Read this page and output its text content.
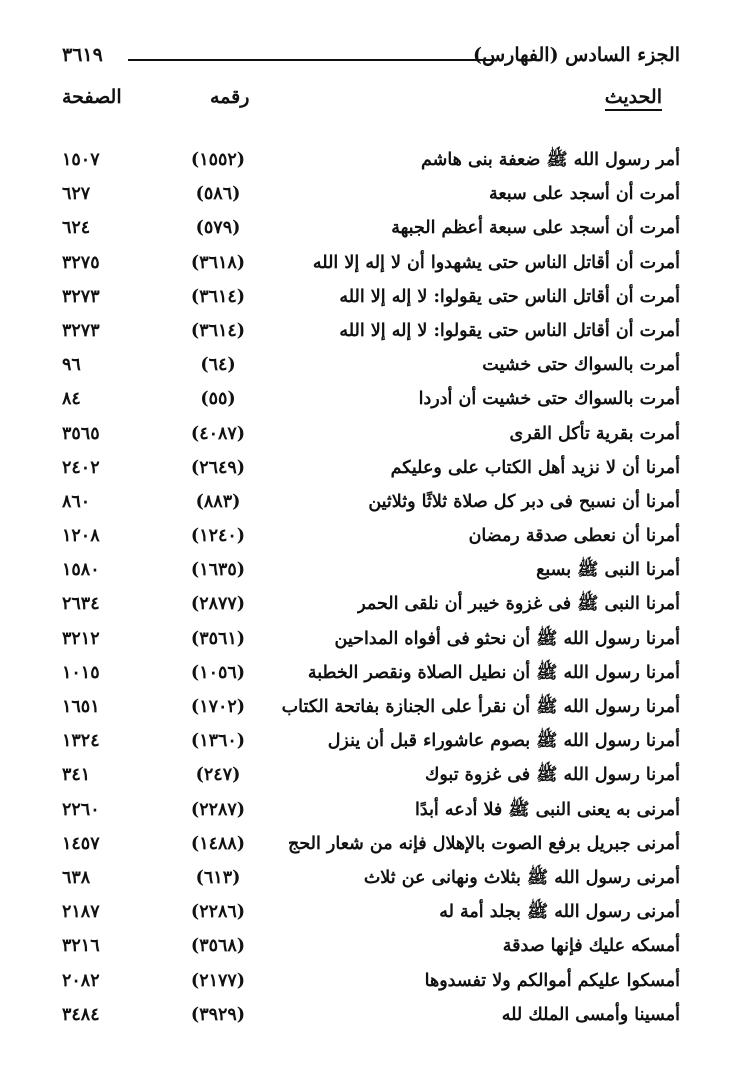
الجزء السادس (الفهارس)
٣٦١٩
الحديث
رقمه
الصفحة
أمر رسول الله ﷺ ضعفة بنى هاشم
(١٥٥٢)
١٥٠٧
أمرت أن أسجد على سبعة
(٥٨٦)
٦٢٧
أمرت أن أسجد على سبعة أعظم الجبهة
(٥٧٩)
٦٢٤
أمرت أن أقاتل الناس حتى يشهدوا أن لا إله إلا الله
(٣٦١٨)
٣٢٧٥
أمرت أن أقاتل الناس حتى يقولوا: لا إله إلا الله
(٣٦١٤)
٣٢٧٣
أمرت أن أقاتل الناس حتى يقولوا: لا إله إلا الله
(٣٦١٤)
٣٢٧٣
أمرت بالسواك حتى خشيت
(٦٤)
٩٦
أمرت بالسواك حتى خشيت أن أدردا
(٥٥)
٨٤
أمرت بقرية تأكل القرى
(٤٠٨٧)
٣٥٦٥
أمرنا أن لا نزيد أهل الكتاب على وعليكم
(٢٦٤٩)
٢٤٠٢
أمرنا أن نسبح فى دبر كل صلاة ثلاثًا وثلاثين
(٨٨٣)
٨٦٠
أمرنا أن نعطى صدقة رمضان
(١٢٤٠)
١٢٠٨
أمرنا النبى ﷺ بسبع
(١٦٣٥)
١٥٨٠
أمرنا النبى ﷺ فى غزوة خيبر أن نلقى الحمر
(٢٨٧٧)
٢٦٣٤
أمرنا رسول الله ﷺ أن نحثو فى أفواه المداحين
(٣٥٦١)
٣٢١٢
أمرنا رسول الله ﷺ أن نطيل الصلاة ونقصر الخطبة
(١٠٥٦)
١٠١٥
أمرنا رسول الله ﷺ أن نقرأ على الجنازة بفاتحة الكتاب
(١٧٠٢)
١٦٥١
أمرنا رسول الله ﷺ بصوم عاشوراء قبل أن ينزل
(١٣٦٠)
١٣٢٤
أمرنا رسول الله ﷺ فى غزوة تبوك
(٢٤٧)
٣٤١
أمرنى به يعنى النبى ﷺ فلا أدعه أبدًا
(٢٢٨٧)
٢٢٦٠
أمرنى جبريل برفع الصوت بالإهلال فإنه من شعار الحج
(١٤٨٨)
١٤٥٧
أمرنى رسول الله ﷺ بثلاث ونهانى عن ثلاث
(٦١٣)
٦٣٨
أمرنى رسول الله ﷺ بجلد أمة له
(٢٢٨٦)
٢١٨٧
أمسكه عليك فإنها صدقة
(٣٥٦٨)
٣٢١٦
أمسكوا عليكم أموالكم ولا تفسدوها
(٢١٧٧)
٢٠٨٢
أمسينا وأمسى الملك لله
(٣٩٢٩)
٣٤٨٤
